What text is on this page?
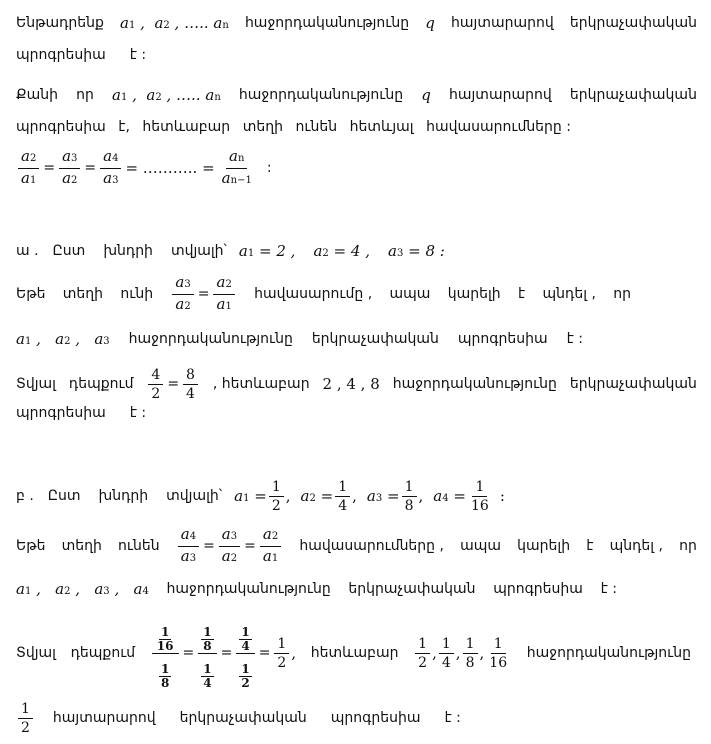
Ենթադրենք a1 ,  a2 , ….. an հաջորդականությունը q հայտարարով երկրաչափական
պրոգրեսիա է :
Քանի որ a1 ,  a2 , ….. an հաջորդականությունը q հայտարարով երկրաչափական
պրոգրեսիա է, հետևաբար տեղի ունեն հետևյալ հավասարումները :
$\frac{a2}{a1} = \frac{a3}{a2} = \frac{a4}{a3}$ = ……….. = $\frac{an}{an-1}$ :
ա . Ըստ խնդրի տվյալի՝ a1 = 2 , a2 = 4 , a3 = 8 :
Եթե տեղի ունի $\frac{a3}{a2} = \frac{a2}{a1}$ հավասարումը , ապա կարելի է պնդել , որ
a1 ,   a2 ,   a3 հաջորդականությունը երկրաչափական պրոգրեսիա է :
Տվյալ դեպքում $\frac{4}{2} = \frac{8}{4}$ , հետևաբար 2 , 4 , 8 հաջորդականությունը երկրաչափական
պրոգրեսիա է :
բ . Ըստ խնդրի տվյալի՝ $a1 = \frac{1}{2}$ , $a2 = \frac{1}{4}$ , $a3 = \frac{1}{8}$ , $a4 = \frac{1}{16}$ :
Եթե տեղի ունեն $\frac{a4}{a3} = \frac{a3}{a2} = \frac{a2}{a1}$ հավասարումները , ապա կարելի է պնդել , որ
a1 ,   a2 ,   a3 ,   a4 հաջորդականությունը երկրաչափական պրոգրեսիա է :
Տվյալ դեպքում $\frac{\frac{1}{16}}{\frac{1}{8}} = \frac{\frac{1}{8}}{\frac{1}{4}} = \frac{\frac{1}{4}}{\frac{1}{2}} = \frac{1}{2}$ , հետևաբար $\frac{1}{2}$ , $\frac{1}{4}$ , $\frac{1}{8}$ , $\frac{1}{16}$ հաջորդականությունը
$\frac{1}{2}$ հայտարարով երկրաչափական պրոգրեսիա է :
